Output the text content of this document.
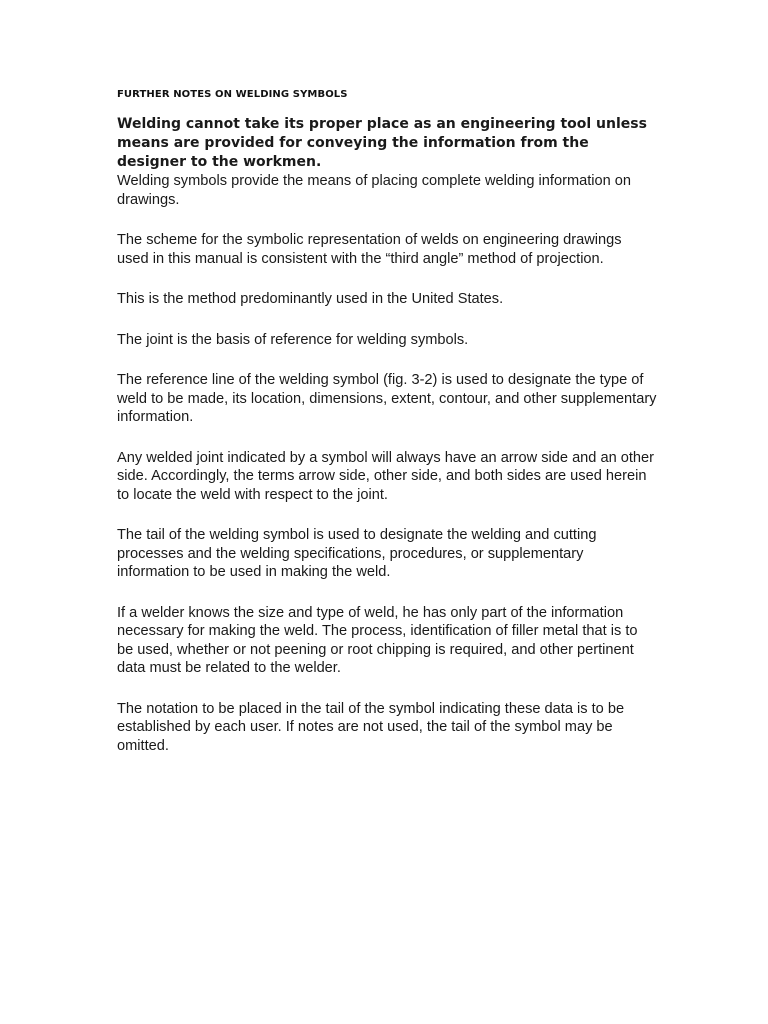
FURTHER NOTES ON WELDING SYMBOLS

Welding cannot take its proper place as an engineering tool unless means are provided for conveying the information from the designer to the workmen.

Welding symbols provide the means of placing complete welding information on drawings.

The scheme for the symbolic representation of welds on engineering drawings used in this manual is consistent with the “third angle” method of projection.

This is the method predominantly used in the United States.

The joint is the basis of reference for welding symbols.

The reference line of the welding symbol (fig. 3-2) is used to designate the type of weld to be made, its location, dimensions, extent, contour, and other supplementary information.

Any welded joint indicated by a symbol will always have an arrow side and an other side. Accordingly, the terms arrow side, other side, and both sides are used herein to locate the weld with respect to the joint.

The tail of the welding symbol is used to designate the welding and cutting processes and the welding specifications, procedures, or supplementary information to be used in making the weld.

If a welder knows the size and type of weld, he has only part of the information necessary for making the weld. The process, identification of filler metal that is to be used, whether or not peening or root chipping is required, and other pertinent data must be related to the welder.

The notation to be placed in the tail of the symbol indicating these data is to be established by each user. If notes are not used, the tail of the symbol may be omitted.
